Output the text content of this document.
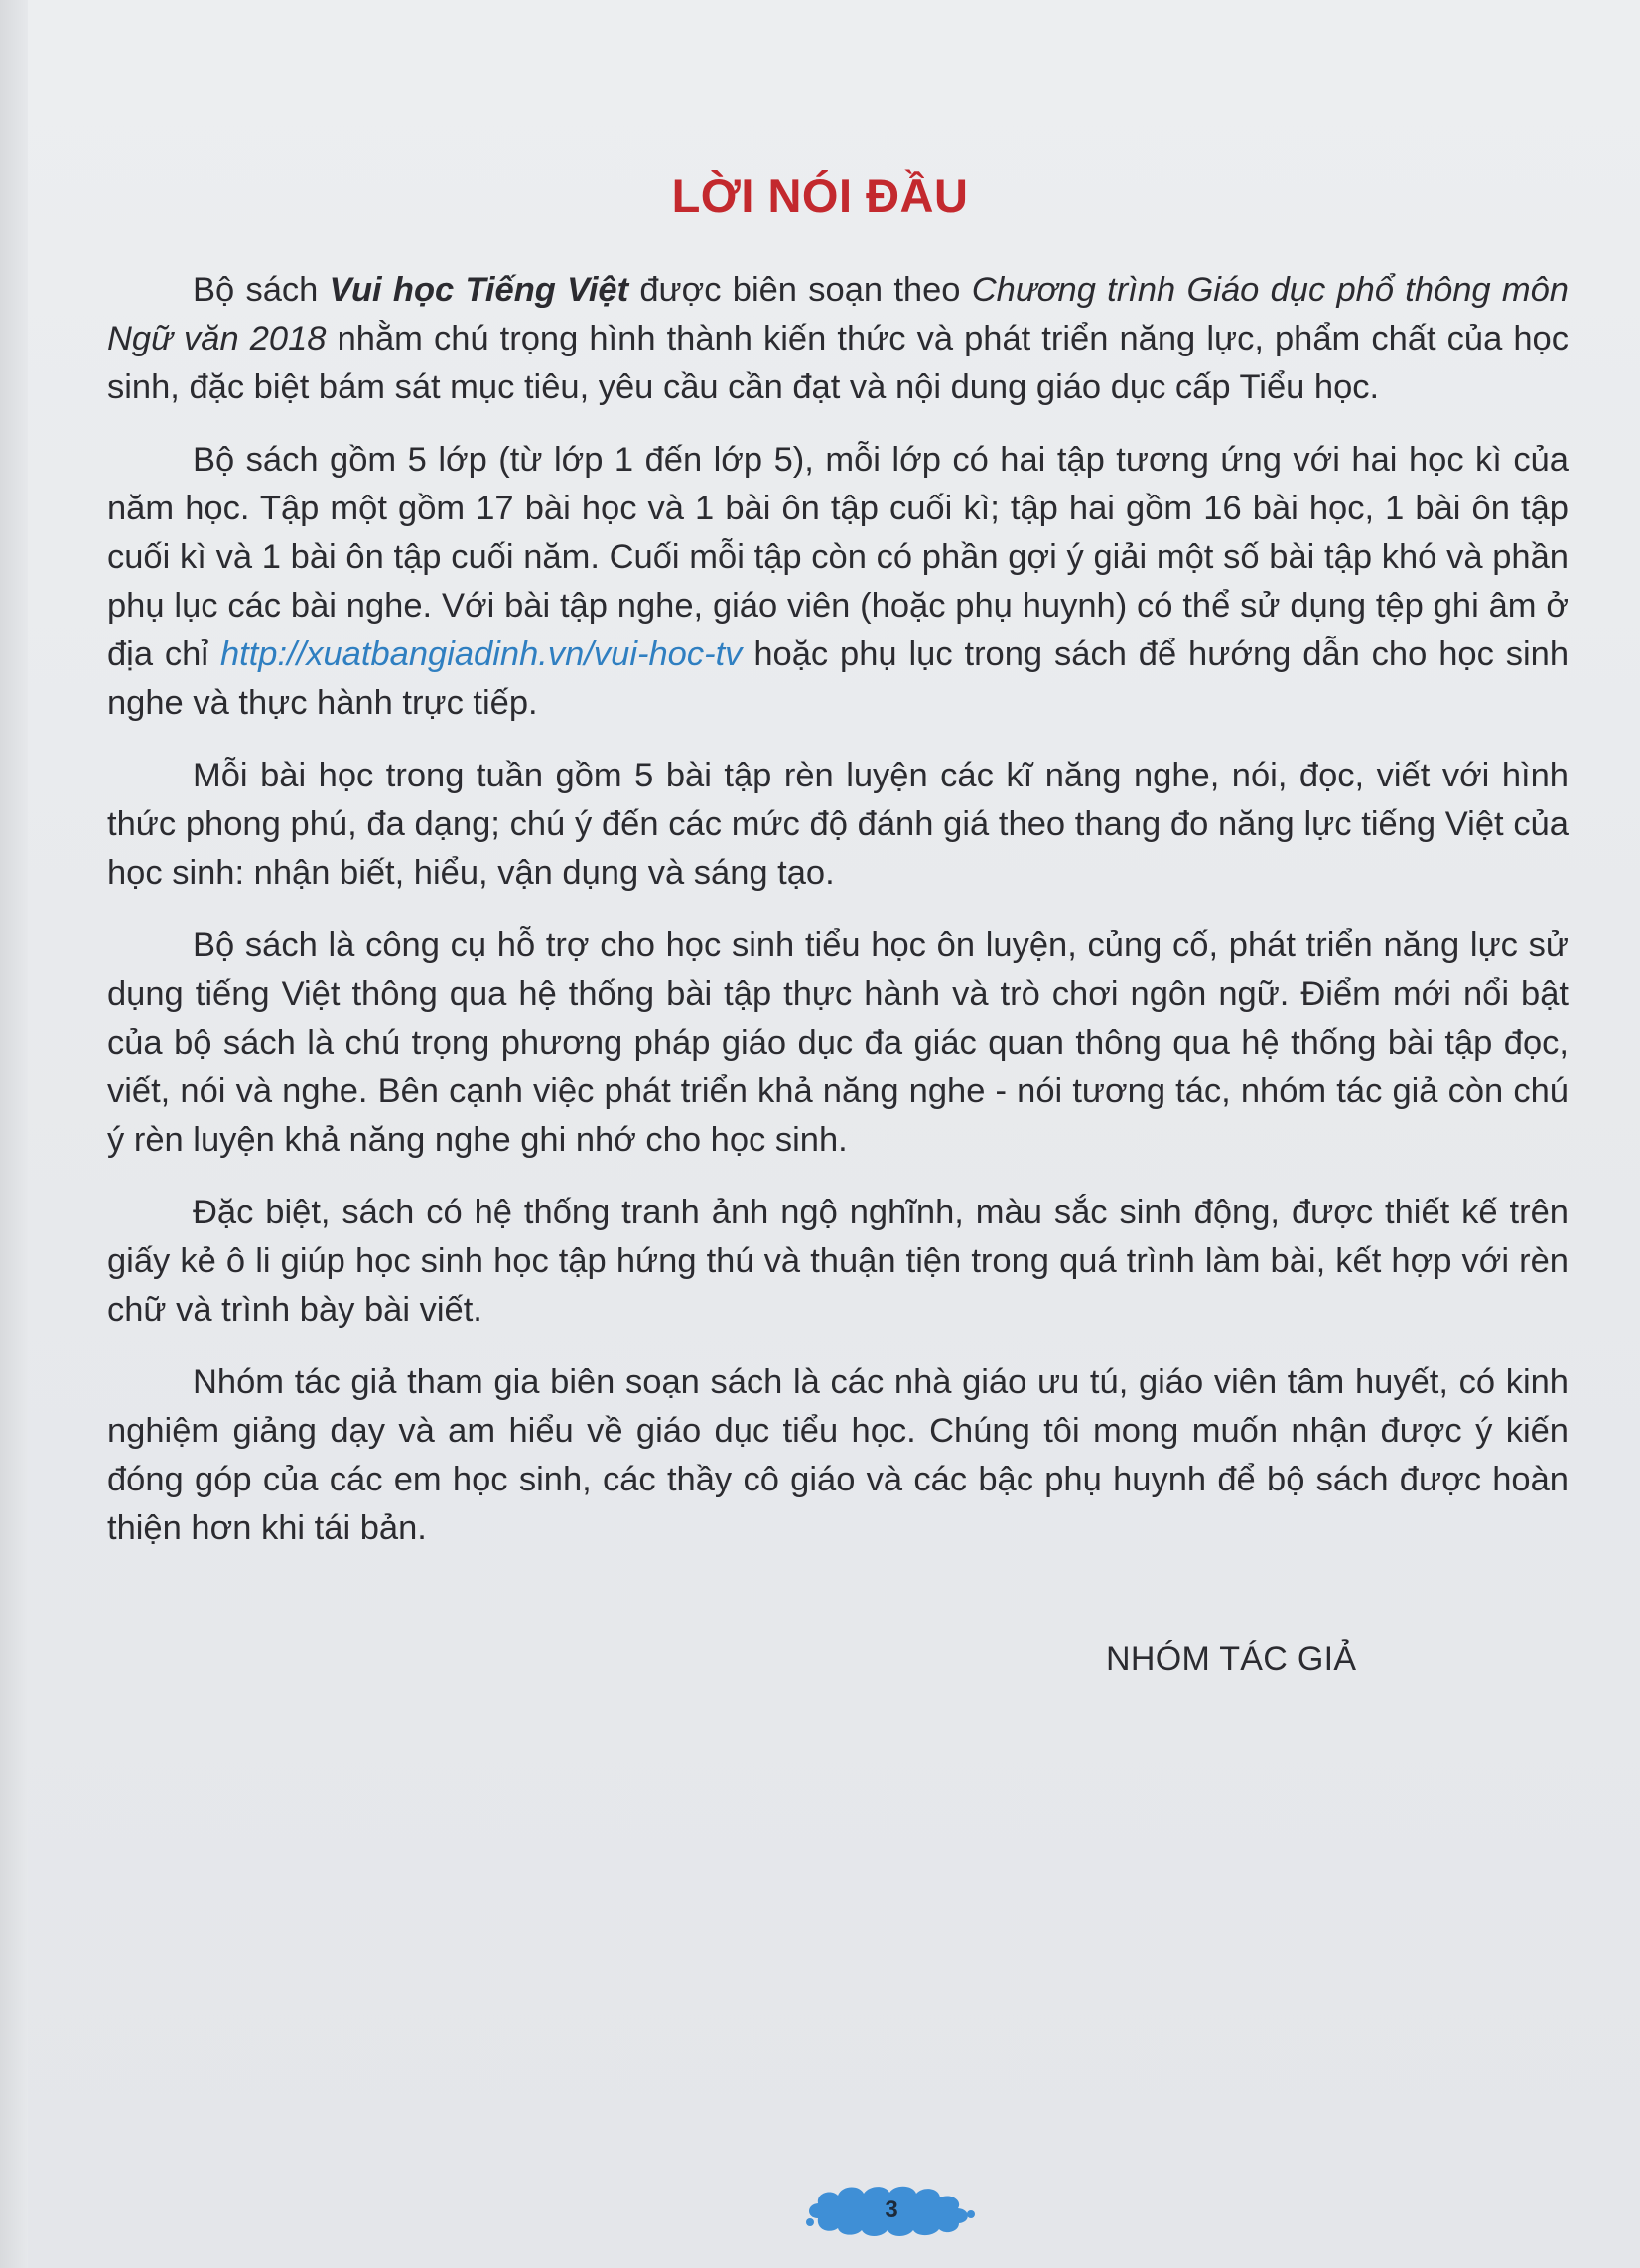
LỜI NÓI ĐẦU

Bộ sách Vui học Tiếng Việt được biên soạn theo Chương trình Giáo dục phổ thông môn Ngữ văn 2018 nhằm chú trọng hình thành kiến thức và phát triển năng lực, phẩm chất của học sinh, đặc biệt bám sát mục tiêu, yêu cầu cần đạt và nội dung giáo dục cấp Tiểu học.

Bộ sách gồm 5 lớp (từ lớp 1 đến lớp 5), mỗi lớp có hai tập tương ứng với hai học kì của năm học. Tập một gồm 17 bài học và 1 bài ôn tập cuối kì; tập hai gồm 16 bài học, 1 bài ôn tập cuối kì và 1 bài ôn tập cuối năm. Cuối mỗi tập còn có phần gợi ý giải một số bài tập khó và phần phụ lục các bài nghe. Với bài tập nghe, giáo viên (hoặc phụ huynh) có thể sử dụng tệp ghi âm ở địa chỉ http://xuatbangiadinh.vn/vui-hoc-tv hoặc phụ lục trong sách để hướng dẫn cho học sinh nghe và thực hành trực tiếp.

Mỗi bài học trong tuần gồm 5 bài tập rèn luyện các kĩ năng nghe, nói, đọc, viết với hình thức phong phú, đa dạng; chú ý đến các mức độ đánh giá theo thang đo năng lực tiếng Việt của học sinh: nhận biết, hiểu, vận dụng và sáng tạo.

Bộ sách là công cụ hỗ trợ cho học sinh tiểu học ôn luyện, củng cố, phát triển năng lực sử dụng tiếng Việt thông qua hệ thống bài tập thực hành và trò chơi ngôn ngữ. Điểm mới nổi bật của bộ sách là chú trọng phương pháp giáo dục đa giác quan thông qua hệ thống bài tập đọc, viết, nói và nghe. Bên cạnh việc phát triển khả năng nghe - nói tương tác, nhóm tác giả còn chú ý rèn luyện khả năng nghe ghi nhớ cho học sinh.

Đặc biệt, sách có hệ thống tranh ảnh ngộ nghĩnh, màu sắc sinh động, được thiết kế trên giấy kẻ ô li giúp học sinh học tập hứng thú và thuận tiện trong quá trình làm bài, kết hợp với rèn chữ và trình bày bài viết.

Nhóm tác giả tham gia biên soạn sách là các nhà giáo ưu tú, giáo viên tâm huyết, có kinh nghiệm giảng dạy và am hiểu về giáo dục tiểu học. Chúng tôi mong muốn nhận được ý kiến đóng góp của các em học sinh, các thầy cô giáo và các bậc phụ huynh để bộ sách được hoàn thiện hơn khi tái bản.

NHÓM TÁC GIẢ
3
